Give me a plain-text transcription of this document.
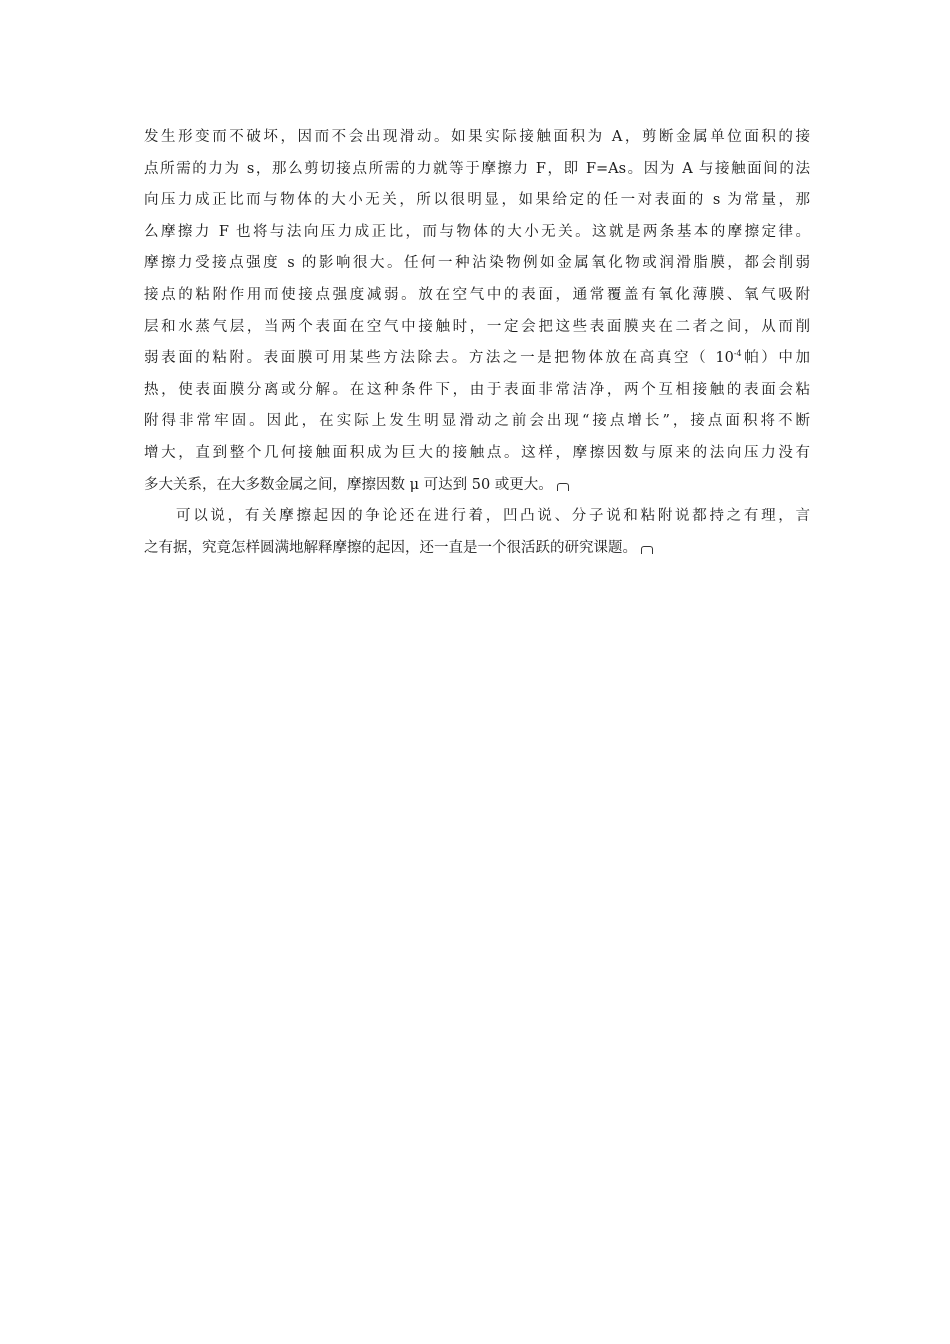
发生形变而不破坏，因而不会出现滑动。如果实际接触面积为 A，剪断金属单位面积的接
点所需的力为 s，那么剪切接点所需的力就等于摩擦力 F，即 F=As。因为 A 与接触面间的法
向压力成正比而与物体的大小无关，所以很明显，如果给定的任一对表面的 s 为常量，那
么摩擦力 F 也将与法向压力成正比，而与物体的大小无关。这就是两条基本的摩擦定律。
摩擦力受接点强度 s 的影响很大。任何一种沾染物例如金属氧化物或润滑脂膜，都会削弱
接点的粘附作用而使接点强度减弱。放在空气中的表面，通常覆盖有氧化薄膜、氧气吸附
层和水蒸气层，当两个表面在空气中接触时，一定会把这些表面膜夹在二者之间，从而削
弱表面的粘附。表面膜可用某些方法除去。方法之一是把物体放在高真空（ $10^{-4}$帕）中加
热，使表面膜分离或分解。在这种条件下，由于表面非常洁净，两个互相接触的表面会粘
附得非常牢固。因此，在实际上发生明显滑动之前会出现“接点增长”，接点面积将不断
增大，直到整个几何接触面积成为巨大的接触点。这样，摩擦因数与原来的法向压力没有
多大关系，在大多数金属之间，摩擦因数 μ 可达到 50 或更大。
可以说，有关摩擦起因的争论还在进行着，凹凸说、分子说和粘附说都持之有理，言
之有据，究竟怎样圆满地解释摩擦的起因，还一直是一个很活跃的研究课题。
